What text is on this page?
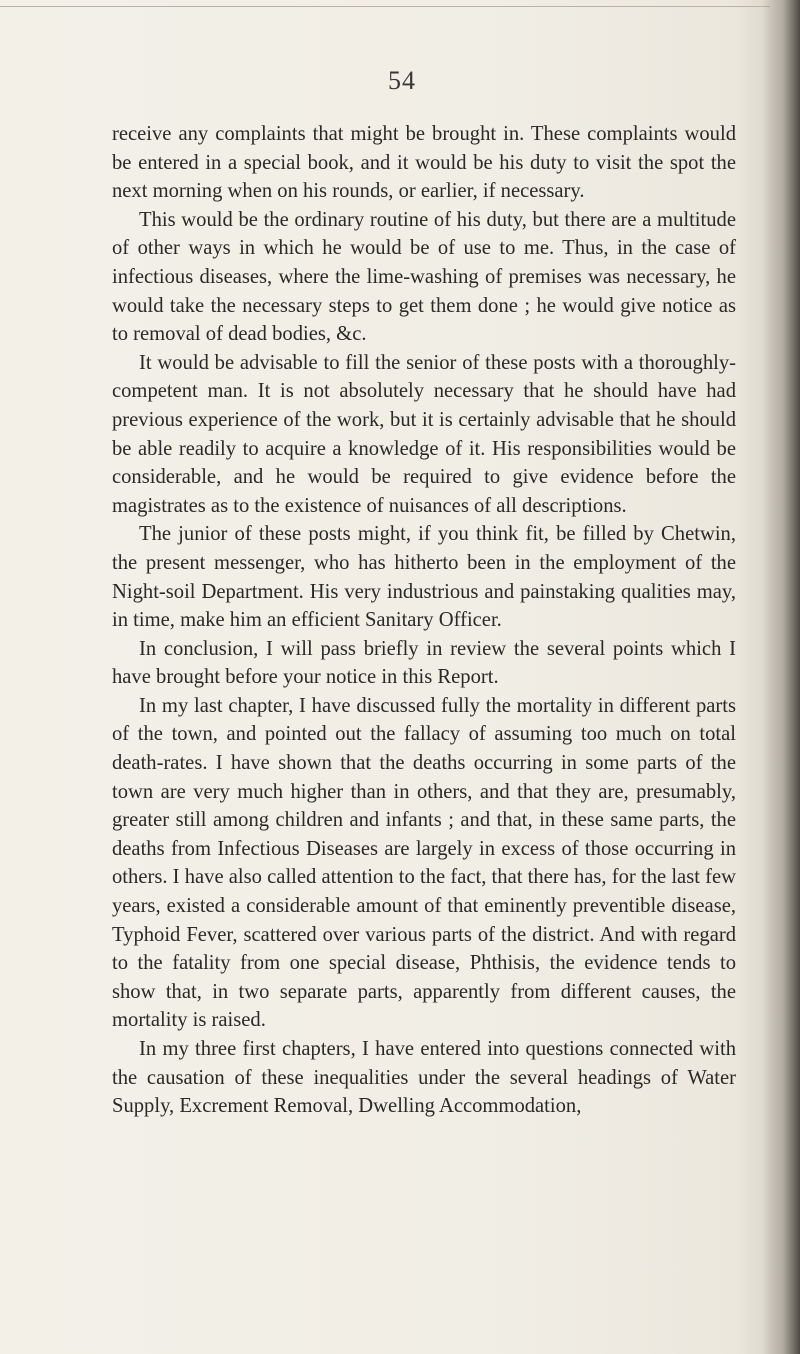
54

receive any complaints that might be brought in. These complaints would be entered in a special book, and it would be his duty to visit the spot the next morning when on his rounds, or earlier, if necessary.

This would be the ordinary routine of his duty, but there are a multitude of other ways in which he would be of use to me. Thus, in the case of infectious diseases, where the lime-washing of premises was necessary, he would take the necessary steps to get them done ; he would give notice as to removal of dead bodies, &c.

It would be advisable to fill the senior of these posts with a thoroughly-competent man. It is not absolutely necessary that he should have had previous experience of the work, but it is certainly advisable that he should be able readily to acquire a knowledge of it. His responsibilities would be considerable, and he would be required to give evidence before the magistrates as to the existence of nuisances of all descriptions.

The junior of these posts might, if you think fit, be filled by Chetwin, the present messenger, who has hitherto been in the employment of the Night-soil Department. His very industrious and painstaking qualities may, in time, make him an efficient Sanitary Officer.

In conclusion, I will pass briefly in review the several points which I have brought before your notice in this Report.

In my last chapter, I have discussed fully the mortality in different parts of the town, and pointed out the fallacy of assuming too much on total death-rates. I have shown that the deaths occurring in some parts of the town are very much higher than in others, and that they are, presumably, greater still among children and infants ; and that, in these same parts, the deaths from Infectious Diseases are largely in excess of those occurring in others. I have also called attention to the fact, that there has, for the last few years, existed a considerable amount of that eminently preventible disease, Typhoid Fever, scattered over various parts of the district. And with regard to the fatality from one special disease, Phthisis, the evidence tends to show that, in two separate parts, apparently from different causes, the mortality is raised.

In my three first chapters, I have entered into questions connected with the causation of these inequalities under the several headings of Water Supply, Excrement Removal, Dwelling Accommodation,
